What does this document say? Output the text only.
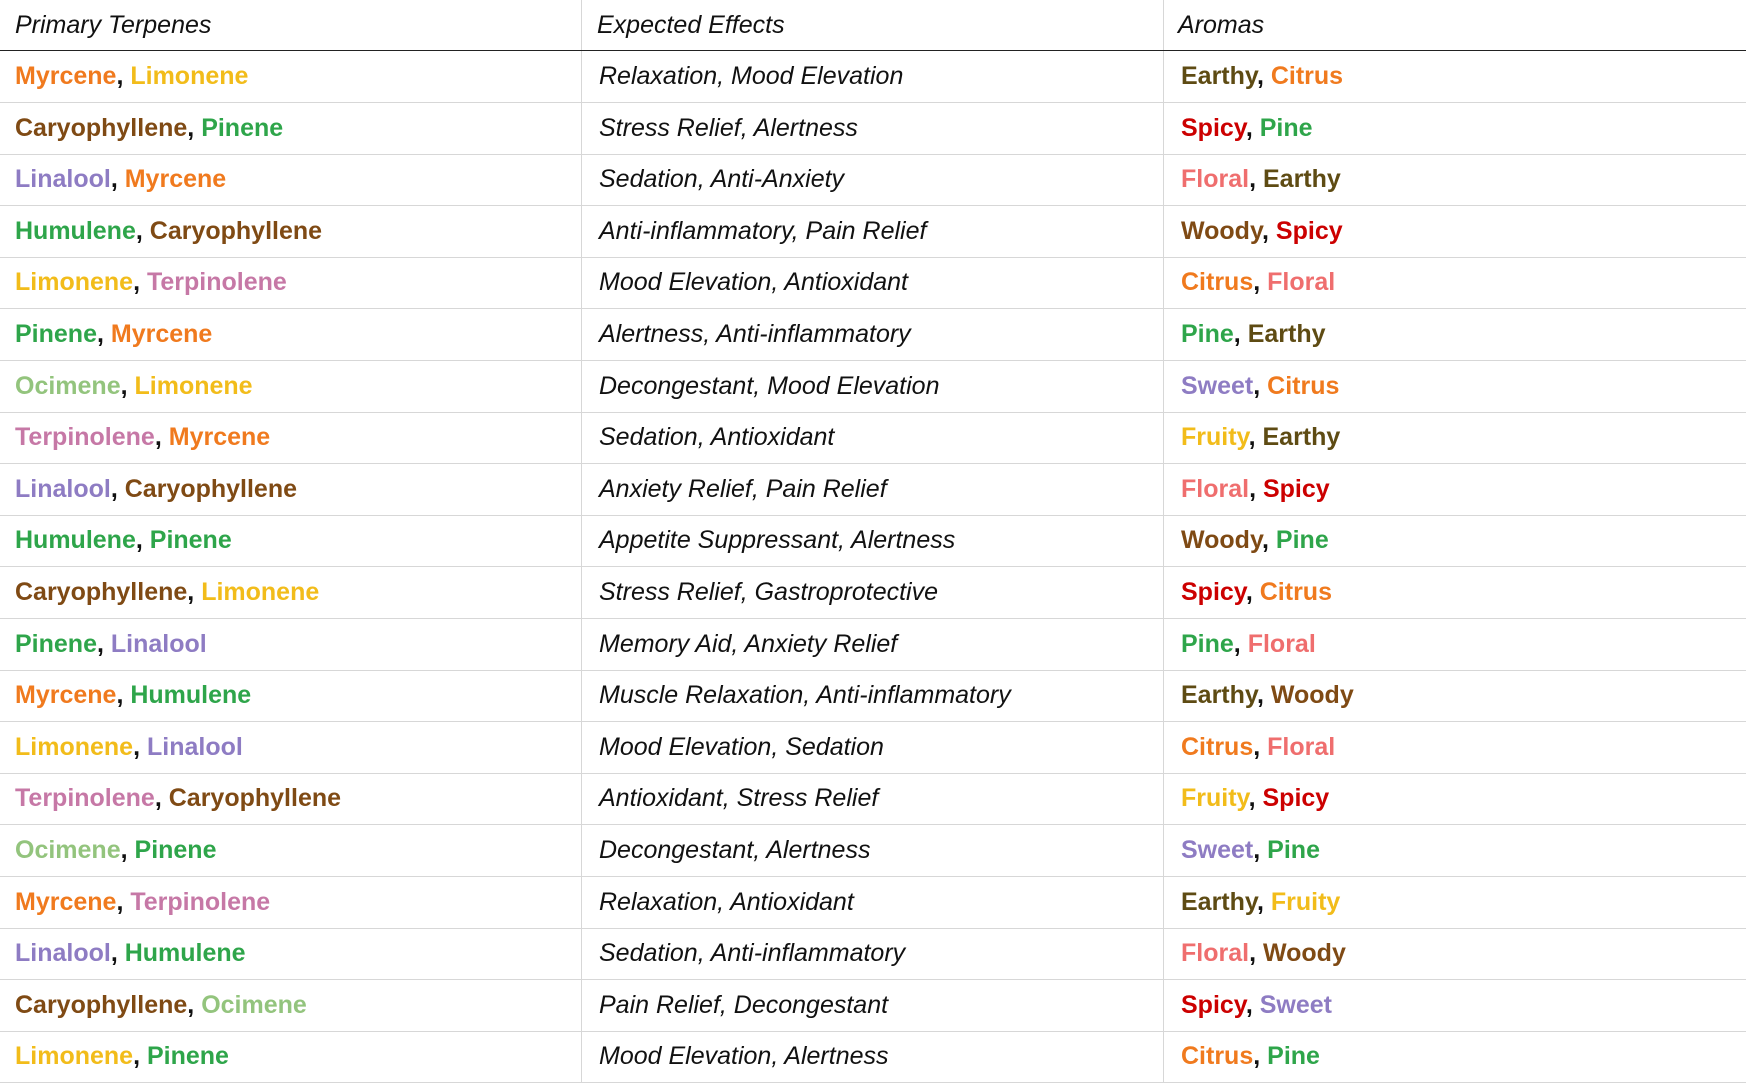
Primary Terpenes	Expected Effects	Aromas
Myrcene, Limonene	Relaxation, Mood Elevation	Earthy, Citrus
Caryophyllene, Pinene	Stress Relief, Alertness	Spicy, Pine
Linalool, Myrcene	Sedation, Anti-Anxiety	Floral, Earthy
Humulene, Caryophyllene	Anti-inflammatory, Pain Relief	Woody, Spicy
Limonene, Terpinolene	Mood Elevation, Antioxidant	Citrus, Floral
Pinene, Myrcene	Alertness, Anti-inflammatory	Pine, Earthy
Ocimene, Limonene	Decongestant, Mood Elevation	Sweet, Citrus
Terpinolene, Myrcene	Sedation, Antioxidant	Fruity, Earthy
Linalool, Caryophyllene	Anxiety Relief, Pain Relief	Floral, Spicy
Humulene, Pinene	Appetite Suppressant, Alertness	Woody, Pine
Caryophyllene, Limonene	Stress Relief, Gastroprotective	Spicy, Citrus
Pinene, Linalool	Memory Aid, Anxiety Relief	Pine, Floral
Myrcene, Humulene	Muscle Relaxation, Anti-inflammatory	Earthy, Woody
Limonene, Linalool	Mood Elevation, Sedation	Citrus, Floral
Terpinolene, Caryophyllene	Antioxidant, Stress Relief	Fruity, Spicy
Ocimene, Pinene	Decongestant, Alertness	Sweet, Pine
Myrcene, Terpinolene	Relaxation, Antioxidant	Earthy, Fruity
Linalool, Humulene	Sedation, Anti-inflammatory	Floral, Woody
Caryophyllene, Ocimene	Pain Relief, Decongestant	Spicy, Sweet
Limonene, Pinene	Mood Elevation, Alertness	Citrus, Pine
